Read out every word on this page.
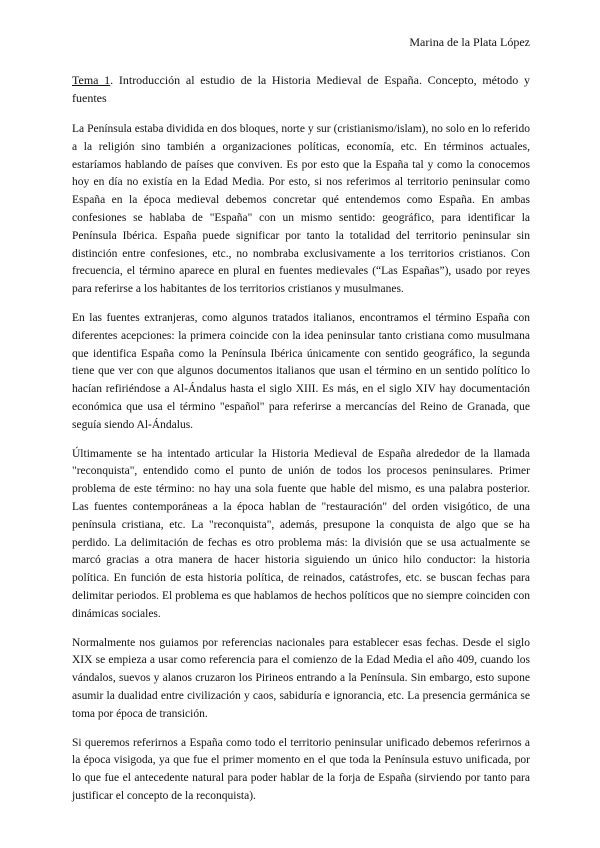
Marina de la Plata López

Tema 1. Introducción al estudio de la Historia Medieval de España. Concepto, método y fuentes

La Península estaba dividida en dos bloques, norte y sur (cristianismo/islam), no solo en lo referido a la religión sino también a organizaciones políticas, economía, etc. En términos actuales, estaríamos hablando de países que conviven. Es por esto que la España tal y como la conocemos hoy en día no existía en la Edad Media. Por esto, si nos referimos al territorio peninsular como España en la época medieval debemos concretar qué entendemos como España. En ambas confesiones se hablaba de "España" con un mismo sentido: geográfico, para identificar la Península Ibérica. España puede significar por tanto la totalidad del territorio peninsular sin distinción entre confesiones, etc., no nombraba exclusivamente a los territorios cristianos. Con frecuencia, el término aparece en plural en fuentes medievales (“Las Españas”), usado por reyes para referirse a los habitantes de los territorios cristianos y musulmanes.

En las fuentes extranjeras, como algunos tratados italianos, encontramos el término España con diferentes acepciones: la primera coincide con la idea peninsular tanto cristiana como musulmana que identifica España como la Península Ibérica únicamente con sentido geográfico, la segunda tiene que ver con que algunos documentos italianos que usan el término en un sentido político lo hacían refiriéndose a Al-Ándalus hasta el siglo XIII. Es más, en el siglo XIV hay documentación económica que usa el término "español" para referirse a mercancías del Reino de Granada, que seguía siendo Al-Ándalus.

Últimamente se ha intentado articular la Historia Medieval de España alrededor de la llamada "reconquista", entendido como el punto de unión de todos los procesos peninsulares. Primer problema de este término: no hay una sola fuente que hable del mismo, es una palabra posterior. Las fuentes contemporáneas a la época hablan de "restauración" del orden visigótico, de una península cristiana, etc. La "reconquista", además, presupone la conquista de algo que se ha perdido. La delimitación de fechas es otro problema más: la división que se usa actualmente se marcó gracias a otra manera de hacer historia siguiendo un único hilo conductor: la historia política. En función de esta historia política, de reinados, catástrofes, etc. se buscan fechas para delimitar periodos. El problema es que hablamos de hechos políticos que no siempre coinciden con dinámicas sociales.

Normalmente nos guiamos por referencias nacionales para establecer esas fechas. Desde el siglo XIX se empieza a usar como referencia para el comienzo de la Edad Media el año 409, cuando los vándalos, suevos y alanos cruzaron los Pirineos entrando a la Península. Sin embargo, esto supone asumir la dualidad entre civilización y caos, sabiduría e ignorancia, etc. La presencia germánica se toma por época de transición.

Si queremos referirnos a España como todo el territorio peninsular unificado debemos referirnos a la época visigoda, ya que fue el primer momento en el que toda la Península estuvo unificada, por lo que fue el antecedente natural para poder hablar de la forja de España (sirviendo por tanto para justificar el concepto de la reconquista).
